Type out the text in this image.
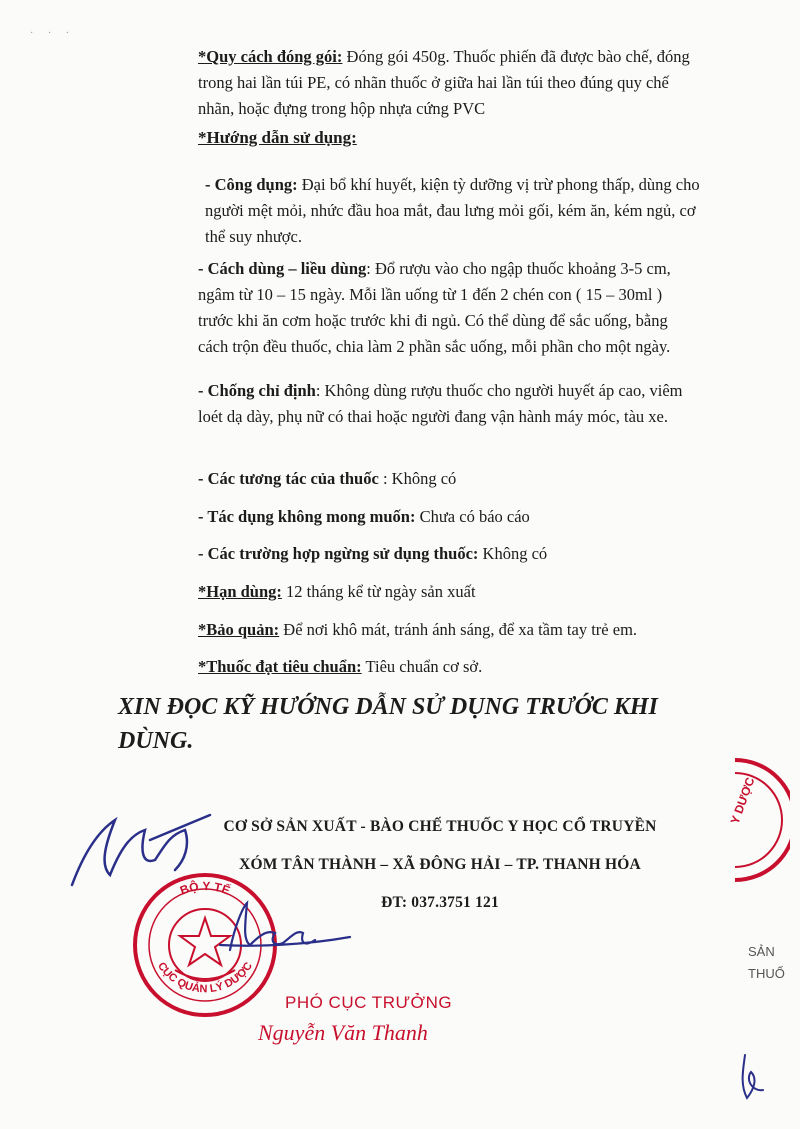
· · ·

*Quy cách đóng gói: Đóng gói 450g. Thuốc phiến đã được bào chế, đóng trong hai lần túi PE, có nhãn thuốc ở giữa hai lần túi theo đúng quy chế nhãn, hoặc đựng trong hộp nhựa cứng PVC

*Hướng dẫn sử dụng:

- Công dụng: Đại bổ khí huyết, kiện tỳ dưỡng vị trừ phong thấp, dùng cho người mệt mỏi, nhức đầu hoa mắt, đau lưng mỏi gối, kém ăn, kém ngủ, cơ thể suy nhược.

- Cách dùng – liều dùng: Đổ rượu vào cho ngập thuốc khoảng 3-5 cm, ngâm từ 10 – 15 ngày. Mỗi lần uống từ 1 đến 2 chén con ( 15 – 30ml ) trước khi ăn cơm hoặc trước khi đi ngủ. Có thể dùng để sắc uống, bằng cách trộn đều thuốc, chia làm 2 phần sắc uống, mỗi phần cho một ngày.

- Chống chỉ định: Không dùng rượu thuốc cho người huyết áp cao, viêm loét dạ dày, phụ nữ có thai hoặc người đang vận hành máy móc, tàu xe.

- Các tương tác của thuốc : Không có

- Tác dụng không mong muốn: Chưa có báo cáo

- Các trường hợp ngừng sử dụng thuốc: Không có

*Hạn dùng: 12 tháng kể từ ngày sản xuất

*Bảo quản: Để nơi khô mát, tránh ánh sáng, để xa tầm tay trẻ em.

*Thuốc đạt tiêu chuẩn: Tiêu chuẩn cơ sở.

XIN ĐỌC KỸ HƯỚNG DẪN SỬ DỤNG TRƯỚC KHI DÙNG.
Y DƯỢC
CƠ SỞ SẢN XUẤT - BÀO CHẾ THUỐC Y HỌC CỔ TRUYỀN
XÓM TÂN THÀNH – XÃ ĐÔNG HẢI – TP. THANH HÓA
ĐT: 037.3751 121
BỘ Y TẾ
CỤC QUẢN LÝ DƯỢC
PHÓ CỤC TRƯỞNG
Nguyễn Văn Thanh
SẢN
THUỐ
